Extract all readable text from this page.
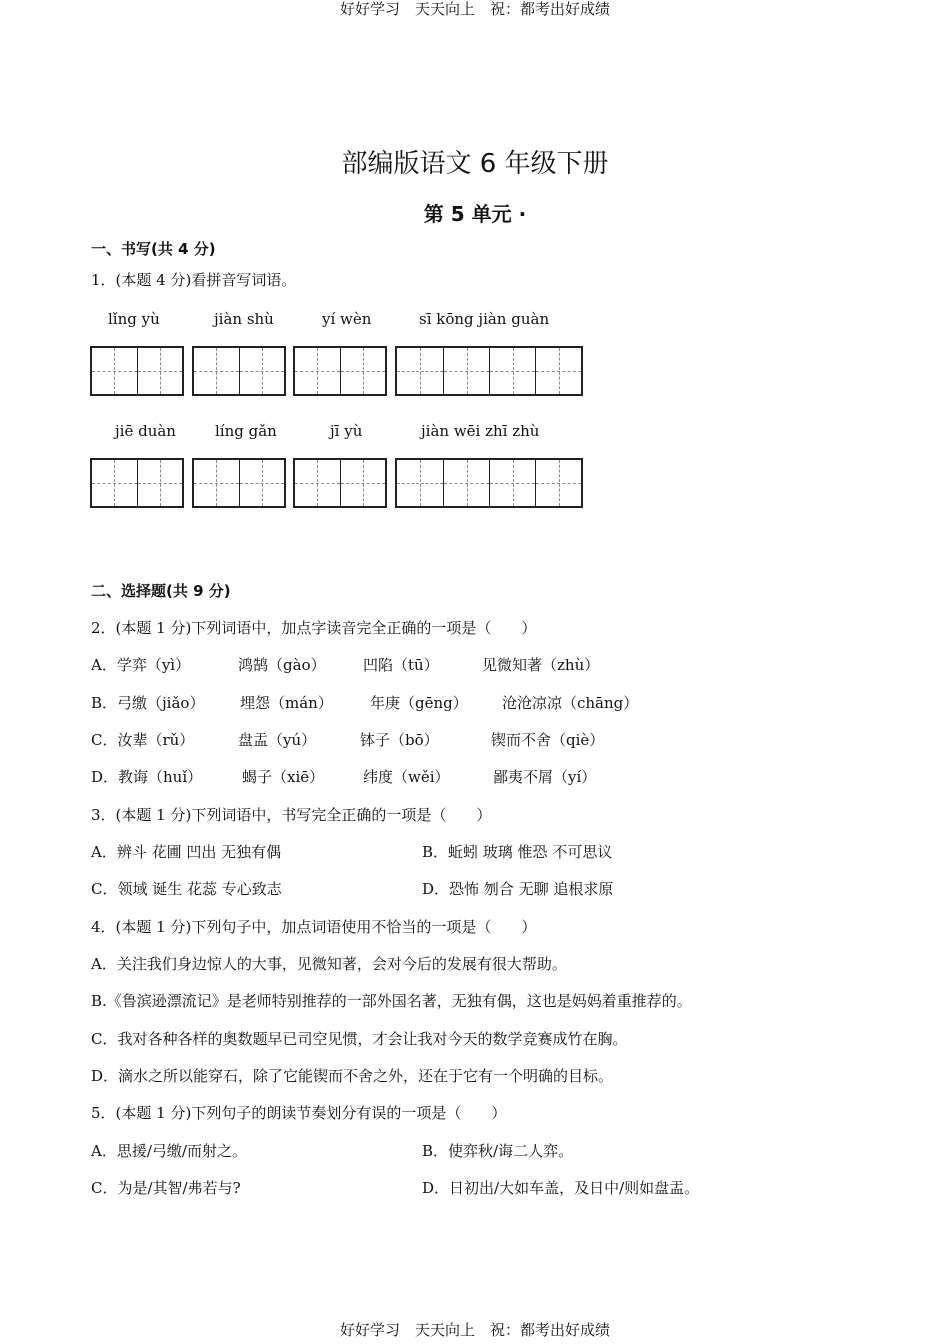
好好学习　天天向上　祝：都考出好成绩
部编版语文 6 年级下册
第 5 单元 ·
一、书写(共 4 分)
1．(本题 4 分)看拼音写词语。
lǐng yù	jiàn shù	yí wèn	sī kōng jiàn guàn
jiē duàn	líng gǎn	jī yù	jiàn wēi zhī zhù
二、选择题(共 9 分)
2．(本题 1 分)下列词语中，加点字读音完全正确的一项是（　　）
A．学弈（yì）	鸿鹄（gào） 凹陷（tū）	见微知著（zhù）
B．弓缴（jiǎo） 埋怨（mán） 年庚（gēng） 沧沧凉凉（chāng）
C．汝辈（rǔ）	盘盂（yú）	钵子（bō）	锲而不舍（qiè）
D．教诲（huǐ）	蝎子（xiē）	纬度（wěi）	鄙夷不屑（yí）
3．(本题 1 分)下列词语中，书写完全正确的一项是（　　）
A．辨斗 花圃 凹出 无独有偶	B．蚯蚓 玻璃 惟恐 不可思议
C．领域 诞生 花蕊 专心致志	D．恐怖 刎合 无聊 追根求原
4．(本题 1 分)下列句子中，加点词语使用不恰当的一项是（　　）
A．关注我们身边惊人的大事，见微知著，会对今后的发展有很大帮助。
B.《鲁滨逊漂流记》是老师特别推荐的一部外国名著，无独有偶，这也是妈妈着重推荐的。
C．我对各种各样的奥数题早已司空见惯，才会让我对今天的数学竞赛成竹在胸。
D．滴水之所以能穿石，除了它能锲而不舍之外，还在于它有一个明确的目标。
5．(本题 1 分)下列句子的朗读节奏划分有误的一项是（　　）
A．思援/弓缴/而射之。	B．使弈秋/诲二人弈。
C．为是/其智/弗若与?	D．日初出/大如车盖，及日中/则如盘盂。
好好学习　天天向上　祝：都考出好成绩
